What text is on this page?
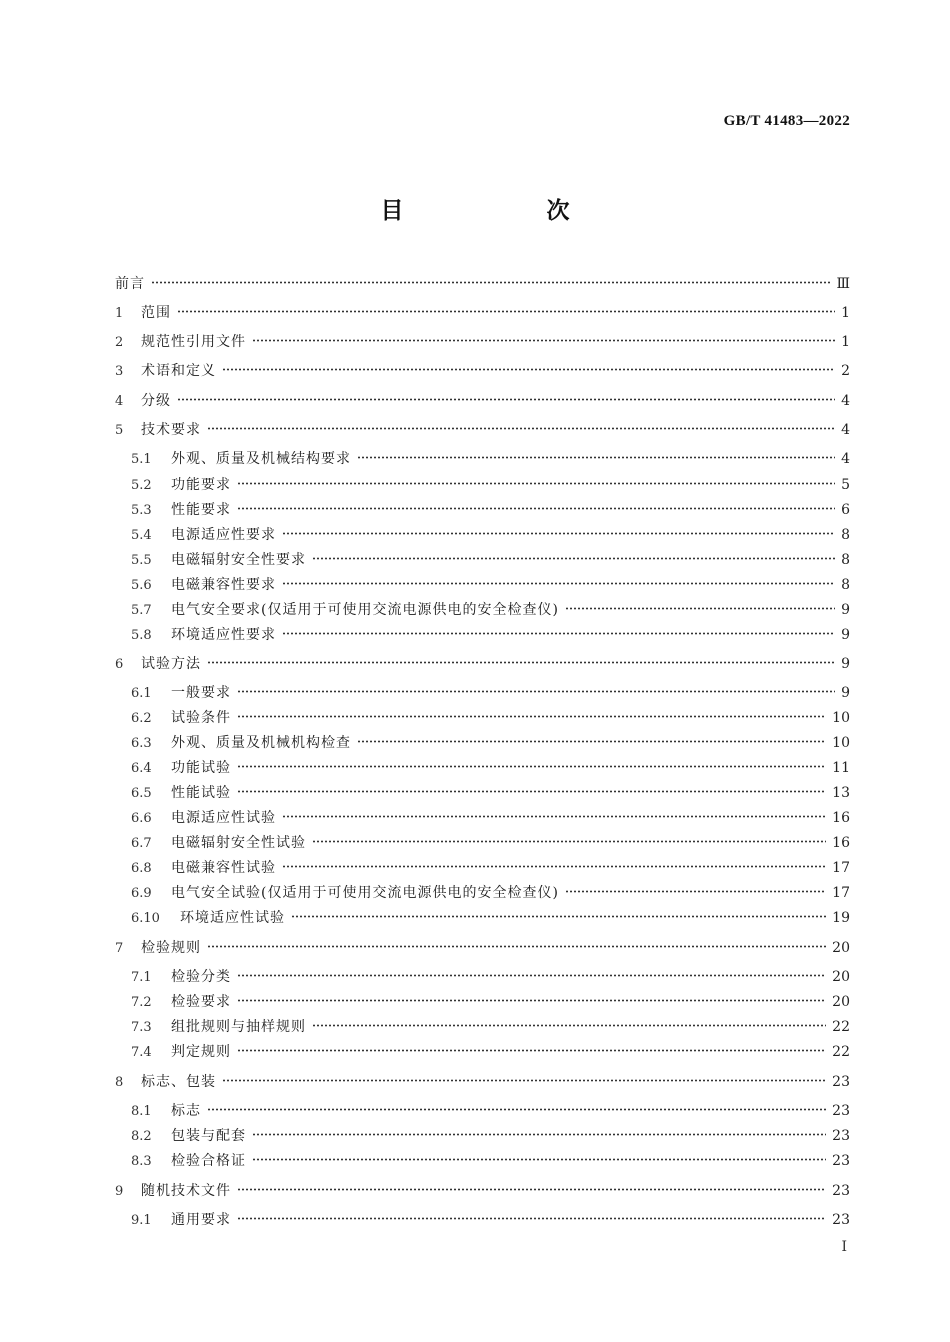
GB/T 41483—2022
目　次
前言	Ⅲ
1	范围	1
2	规范性引用文件	1
3	术语和定义	2
4	分级	4
5	技术要求	4
5.1	外观、质量及机械结构要求	4
5.2	功能要求	5
5.3	性能要求	6
5.4	电源适应性要求	8
5.5	电磁辐射安全性要求	8
5.6	电磁兼容性要求	8
5.7	电气安全要求(仅适用于可使用交流电源供电的安全检查仪)	9
5.8	环境适应性要求	9
6	试验方法	9
6.1	一般要求	9
6.2	试验条件	10
6.3	外观、质量及机械机构检查	10
6.4	功能试验	11
6.5	性能试验	13
6.6	电源适应性试验	16
6.7	电磁辐射安全性试验	16
6.8	电磁兼容性试验	17
6.9	电气安全试验(仅适用于可使用交流电源供电的安全检查仪)	17
6.10	环境适应性试验	19
7	检验规则	20
7.1	检验分类	20
7.2	检验要求	20
7.3	组批规则与抽样规则	22
7.4	判定规则	22
8	标志、包装	23
8.1	标志	23
8.2	包装与配套	23
8.3	检验合格证	23
9	随机技术文件	23
9.1	通用要求	23
I
